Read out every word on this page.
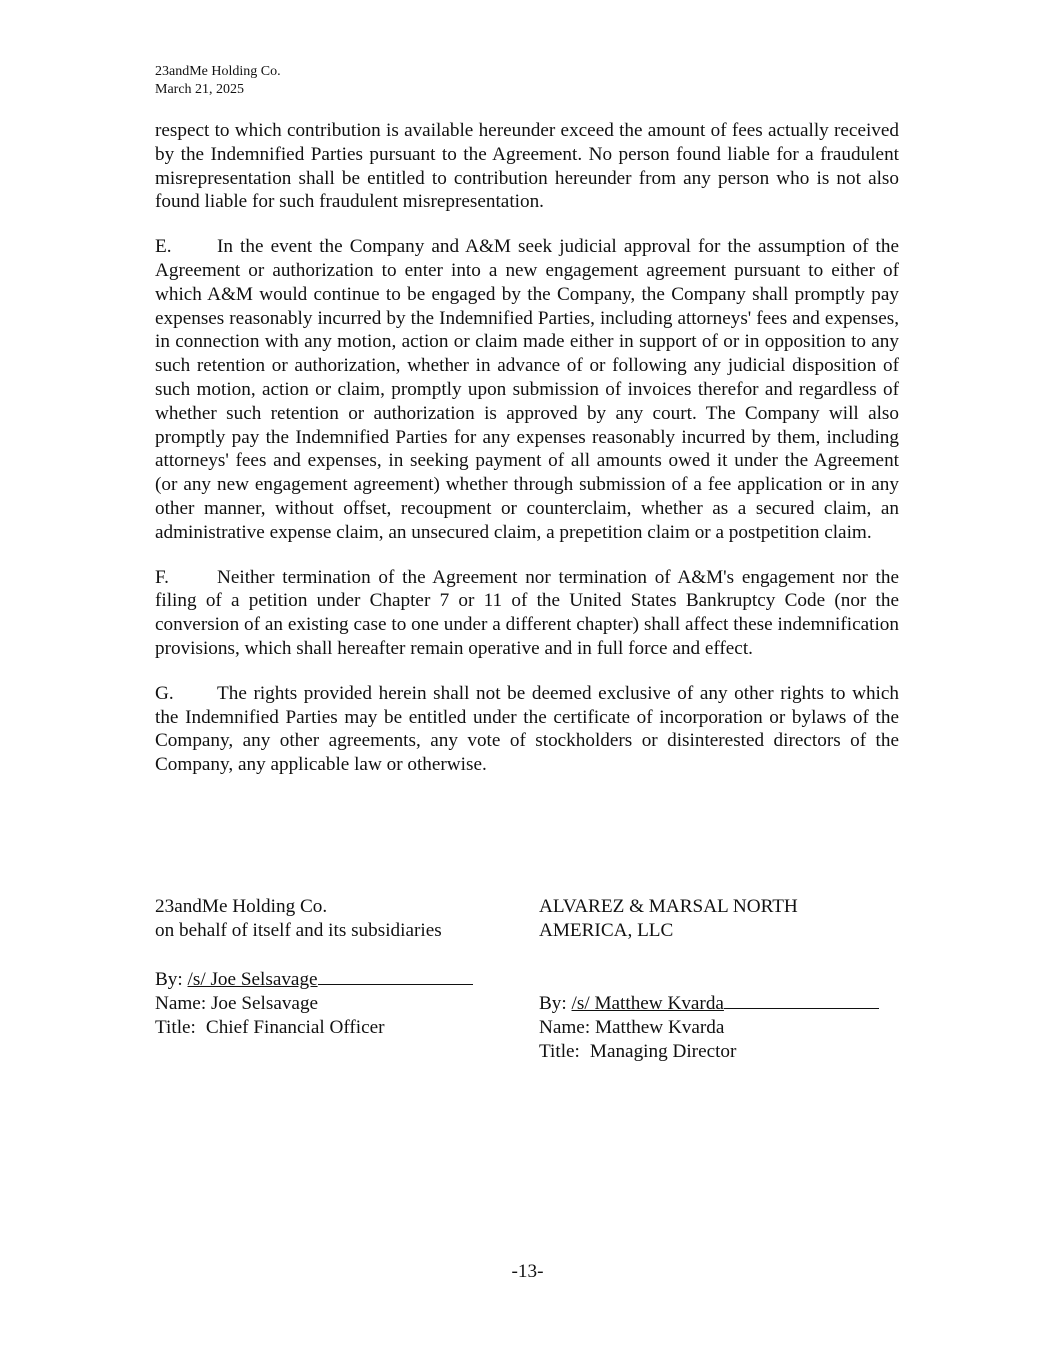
23andMe Holding Co.
March 21, 2025

respect to which contribution is available hereunder exceed the amount of fees actually received by the Indemnified Parties pursuant to the Agreement. No person found liable for a fraudulent misrepresentation shall be entitled to contribution hereunder from any person who is not also found liable for such fraudulent misrepresentation.

E. In the event the Company and A&M seek judicial approval for the assumption of the Agreement or authorization to enter into a new engagement agreement pursuant to either of which A&M would continue to be engaged by the Company, the Company shall promptly pay expenses reasonably incurred by the Indemnified Parties, including attorneys' fees and expenses, in connection with any motion, action or claim made either in support of or in opposition to any such retention or authorization, whether in advance of or following any judicial disposition of such motion, action or claim, promptly upon submission of invoices therefor and regardless of whether such retention or authorization is approved by any court. The Company will also promptly pay the Indemnified Parties for any expenses reasonably incurred by them, including attorneys' fees and expenses, in seeking payment of all amounts owed it under the Agreement (or any new engagement agreement) whether through submission of a fee application or in any other manner, without offset, recoupment or counterclaim, whether as a secured claim, an administrative expense claim, an unsecured claim, a prepetition claim or a postpetition claim.

F.	Neither termination of the Agreement nor termination of A&M's engagement nor the filing of a petition under Chapter 7 or 11 of the United States Bankruptcy Code (nor the conversion of an existing case to one under a different chapter) shall affect these indemnification provisions, which shall hereafter remain operative and in full force and effect.

G. The rights provided herein shall not be deemed exclusive of any other rights to which the Indemnified Parties may be entitled under the certificate of incorporation or bylaws of the Company, any other agreements, any vote of stockholders or disinterested directors of the Company, any applicable law or otherwise.

23andMe Holding Co.
on behalf of itself and its subsidiaries
By: /s/ Joe Selsavage
Name: Joe Selsavage
Title: Chief Financial Officer
ALVAREZ & MARSAL NORTH
AMERICA, LLC
By: /s/ Matthew Kvarda
Name: Matthew Kvarda
Title: Managing Director
-13-
